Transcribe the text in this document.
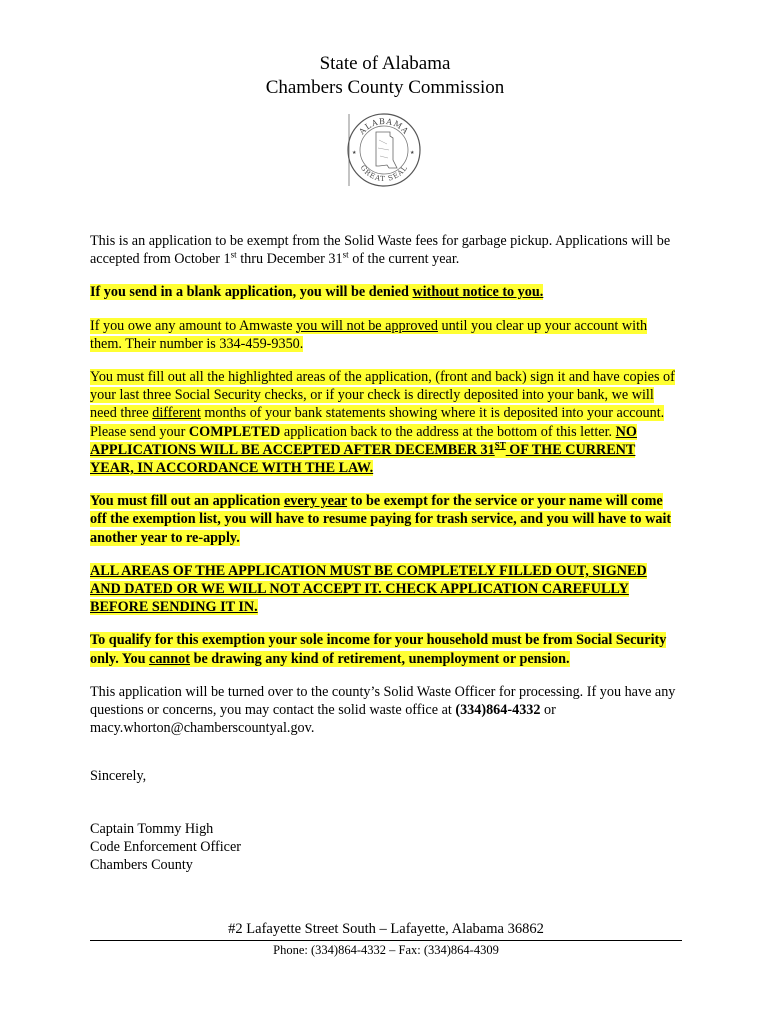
State of Alabama
Chambers County Commission
ALABAMA
GREAT SEAL
★	★

This is an application to be exempt from the Solid Waste fees for garbage pickup. Applications will be accepted from October 1st thru December 31st of the current year.

If you send in a blank application, you will be denied without notice to you.

If you owe any amount to Amwaste you will not be approved until you clear up your account with them. Their number is 334-459-9350.

You must fill out all the highlighted areas of the application, (front and back) sign it and have copies of your last three Social Security checks, or if your check is directly deposited into your bank, we will need three different months of your bank statements showing where it is deposited into your account. Please send your COMPLETED application back to the address at the bottom of this letter. NO APPLICATIONS WILL BE ACCEPTED AFTER DECEMBER 31ST OF THE CURRENT YEAR, IN ACCORDANCE WITH THE LAW.

You must fill out an application every year to be exempt for the service or your name will come off the exemption list, you will have to resume paying for trash service, and you will have to wait another year to re-apply.

ALL AREAS OF THE APPLICATION MUST BE COMPLETELY FILLED OUT, SIGNED AND DATED OR WE WILL NOT ACCEPT IT. CHECK APPLICATION CAREFULLY BEFORE SENDING IT IN.

To qualify for this exemption your sole income for your household must be from Social Security only. You cannot be drawing any kind of retirement, unemployment or pension.

This application will be turned over to the county’s Solid Waste Officer for processing. If you have any questions or concerns, you may contact the solid waste office at (334)864-4332 or macy.whorton@chamberscountyal.gov.

Sincerely,

Captain Tommy High
Code Enforcement Officer
Chambers County
#2 Lafayette Street South – Lafayette, Alabama 36862
Phone: (334)864-4332 – Fax: (334)864-4309
